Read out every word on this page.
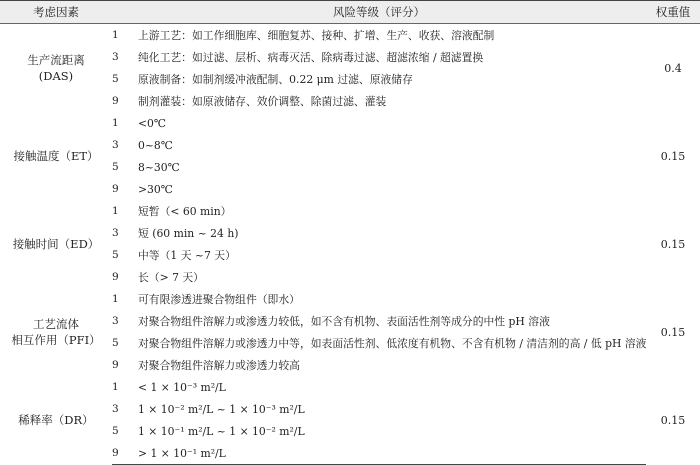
考虑因素	风险等级（评分）		权重值

生产流距离
(DAS)	1	上游工艺：如工作细胞库、细胞复苏、接种、扩增、生产、收获、溶液配制	0.4
	3	纯化工艺：如过滤、层析、病毒灭活、除病毒过滤、超滤浓缩 / 超滤置换	
	5	原液制备：如制剂缓冲液配制、0.22 μm 过滤、原液储存	
	9	制剂灌装：如原液储存、效价调整、除菌过滤、灌装	

接触温度（ET）	1	<0℃	0.15
	3	0~8℃	
	5	8~30℃	
	9	>30℃	

接触时间（ED）	1	短暂（< 60 min）	0.15
	3	短 (60 min ~ 24 h)	
	5	中等（1 天 ~7 天）	
	9	长（> 7 天）	

工艺流体
相互作用（PFI）	1	可有限渗透进聚合物组件（即水）	0.15
	3	对聚合物组件溶解力或渗透力较低，如不含有机物、表面活性剂等成分的中性 pH 溶液	
	5	对聚合物组件溶解力或渗透力中等，如表面活性剂、低浓度有机物、不含有机物 / 清洁剂的高 / 低 pH 溶液	
	9	对聚合物组件溶解力或渗透力较高	

稀释率（DR）	1	< 1 × 10⁻³ m²/L	0.15
	3	1 × 10⁻² m²/L ~ 1 × 10⁻³ m²/L	
	5	1 × 10⁻¹ m²/L ~ 1 × 10⁻² m²/L	
	9	> 1 × 10⁻¹ m²/L	
